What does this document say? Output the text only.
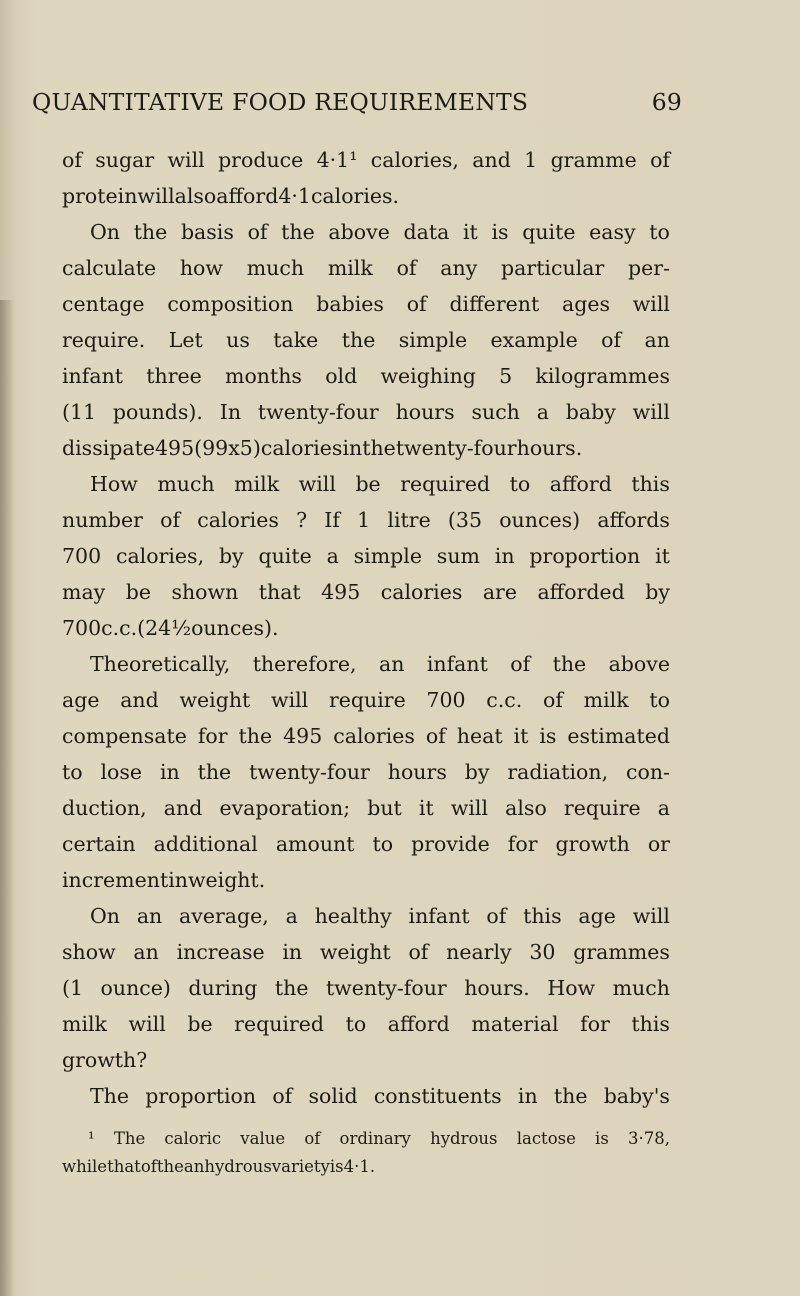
QUANTITATIVE FOOD REQUIREMENTS	69
of sugar will produce 4·1¹ calories, and 1 gramme of
protein will also afford 4·1 calories.
On the basis of the above data it is quite easy to
calculate how much milk of any particular per-
centage composition babies of different ages will
require. Let us take the simple example of an
infant three months old weighing 5 kilogrammes
(11 pounds). In twenty-four hours such a baby will
dissipate 495 (99 x 5) calories in the twenty-four hours.
How much milk will be required to afford this
number of calories ? If 1 litre (35 ounces) affords
700 calories, by quite a simple sum in proportion it
may be shown that 495 calories are afforded by
700 c.c. (24½ ounces).
Theoretically, therefore, an infant of the above
age and weight will require 700 c.c. of milk to
compensate for the 495 calories of heat it is estimated
to lose in the twenty-four hours by radiation, con-
duction, and evaporation; but it will also require a
certain additional amount to provide for growth or
increment in weight.
On an average, a healthy infant of this age will
show an increase in weight of nearly 30 grammes
(1 ounce) during the twenty-four hours. How much
milk will be required to afford material for this
growth ?
The proportion of solid constituents in the baby's
¹ The caloric value of ordinary hydrous lactose is 3·78,
while that of the anhydrous variety is 4·1.
